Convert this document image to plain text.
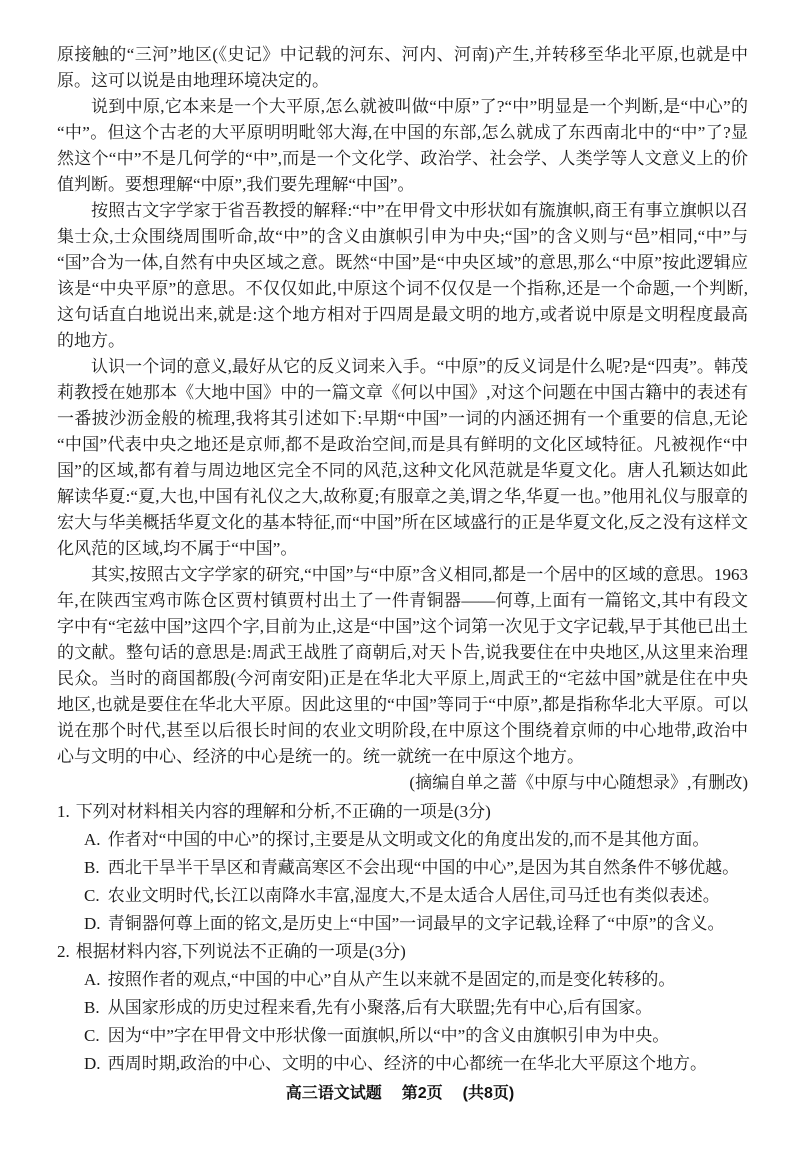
原接触的“三河”地区(《史记》中记载的河东、河内、河南)产生,并转移至华北平原,也就是中原。这可以说是由地理环境决定的。

说到中原,它本来是一个大平原,怎么就被叫做“中原”了?“中”明显是一个判断,是“中心”的“中”。但这个古老的大平原明明毗邻大海,在中国的东部,怎么就成了东西南北中的“中”了?显然这个“中”不是几何学的“中”,而是一个文化学、政治学、社会学、人类学等人文意义上的价值判断。要想理解“中原”,我们要先理解“中国”。

按照古文字学家于省吾教授的解释:“中”在甲骨文中形状如有旒旗帜,商王有事立旗帜以召集士众,士众围绕周围听命,故“中”的含义由旗帜引申为中央;“国”的含义则与“邑”相同,“中”与“国”合为一体,自然有中央区域之意。既然“中国”是“中央区域”的意思,那么“中原”按此逻辑应该是“中央平原”的意思。不仅仅如此,中原这个词不仅仅是一个指称,还是一个命题,一个判断,这句话直白地说出来,就是:这个地方相对于四周是最文明的地方,或者说中原是文明程度最高的地方。

认识一个词的意义,最好从它的反义词来入手。“中原”的反义词是什么呢?是“四夷”。韩茂莉教授在她那本《大地中国》中的一篇文章《何以中国》,对这个问题在中国古籍中的表述有一番披沙沥金般的梳理,我将其引述如下:早期“中国”一词的内涵还拥有一个重要的信息,无论“中国”代表中央之地还是京师,都不是政治空间,而是具有鲜明的文化区域特征。凡被视作“中国”的区域,都有着与周边地区完全不同的风范,这种文化风范就是华夏文化。唐人孔颖达如此解读华夏:“夏,大也,中国有礼仪之大,故称夏;有服章之美,谓之华,华夏一也。”他用礼仪与服章的宏大与华美概括华夏文化的基本特征,而“中国”所在区域盛行的正是华夏文化,反之没有这样文化风范的区域,均不属于“中国”。

其实,按照古文字学家的研究,“中国”与“中原”含义相同,都是一个居中的区域的意思。1963年,在陕西宝鸡市陈仓区贾村镇贾村出土了一件青铜器——何尊,上面有一篇铭文,其中有段文字中有“宅兹中国”这四个字,目前为止,这是“中国”这个词第一次见于文字记载,早于其他已出土的文献。整句话的意思是:周武王战胜了商朝后,对天卜告,说我要住在中央地区,从这里来治理民众。当时的商国都殷(今河南安阳)正是在华北大平原上,周武王的“宅兹中国”就是住在中央地区,也就是要住在华北大平原。因此这里的“中国”等同于“中原”,都是指称华北大平原。可以说在那个时代,甚至以后很长时间的农业文明阶段,在中原这个围绕着京师的中心地带,政治中心与文明的中心、经济的中心是统一的。统一就统一在中原这个地方。

(摘编自单之蔷《中原与中心随想录》,有删改)

1. 下列对材料相关内容的理解和分析,不正确的一项是(3分)
A. 作者对“中国的中心”的探讨,主要是从文明或文化的角度出发的,而不是其他方面。
B. 西北干旱半干旱区和青藏高寒区不会出现“中国的中心”,是因为其自然条件不够优越。
C. 农业文明时代,长江以南降水丰富,湿度大,不是太适合人居住,司马迁也有类似表述。
D. 青铜器何尊上面的铭文,是历史上“中国”一词最早的文字记载,诠释了“中原”的含义。
2. 根据材料内容,下列说法不正确的一项是(3分)
A. 按照作者的观点,“中国的中心”自从产生以来就不是固定的,而是变化转移的。
B. 从国家形成的历史过程来看,先有小聚落,后有大联盟;先有中心,后有国家。
C. 因为“中”字在甲骨文中形状像一面旗帜,所以“中”的含义由旗帜引申为中央。
D. 西周时期,政治的中心、文明的中心、经济的中心都统一在华北大平原这个地方。
高三语文试题 第2页 (共8页)
